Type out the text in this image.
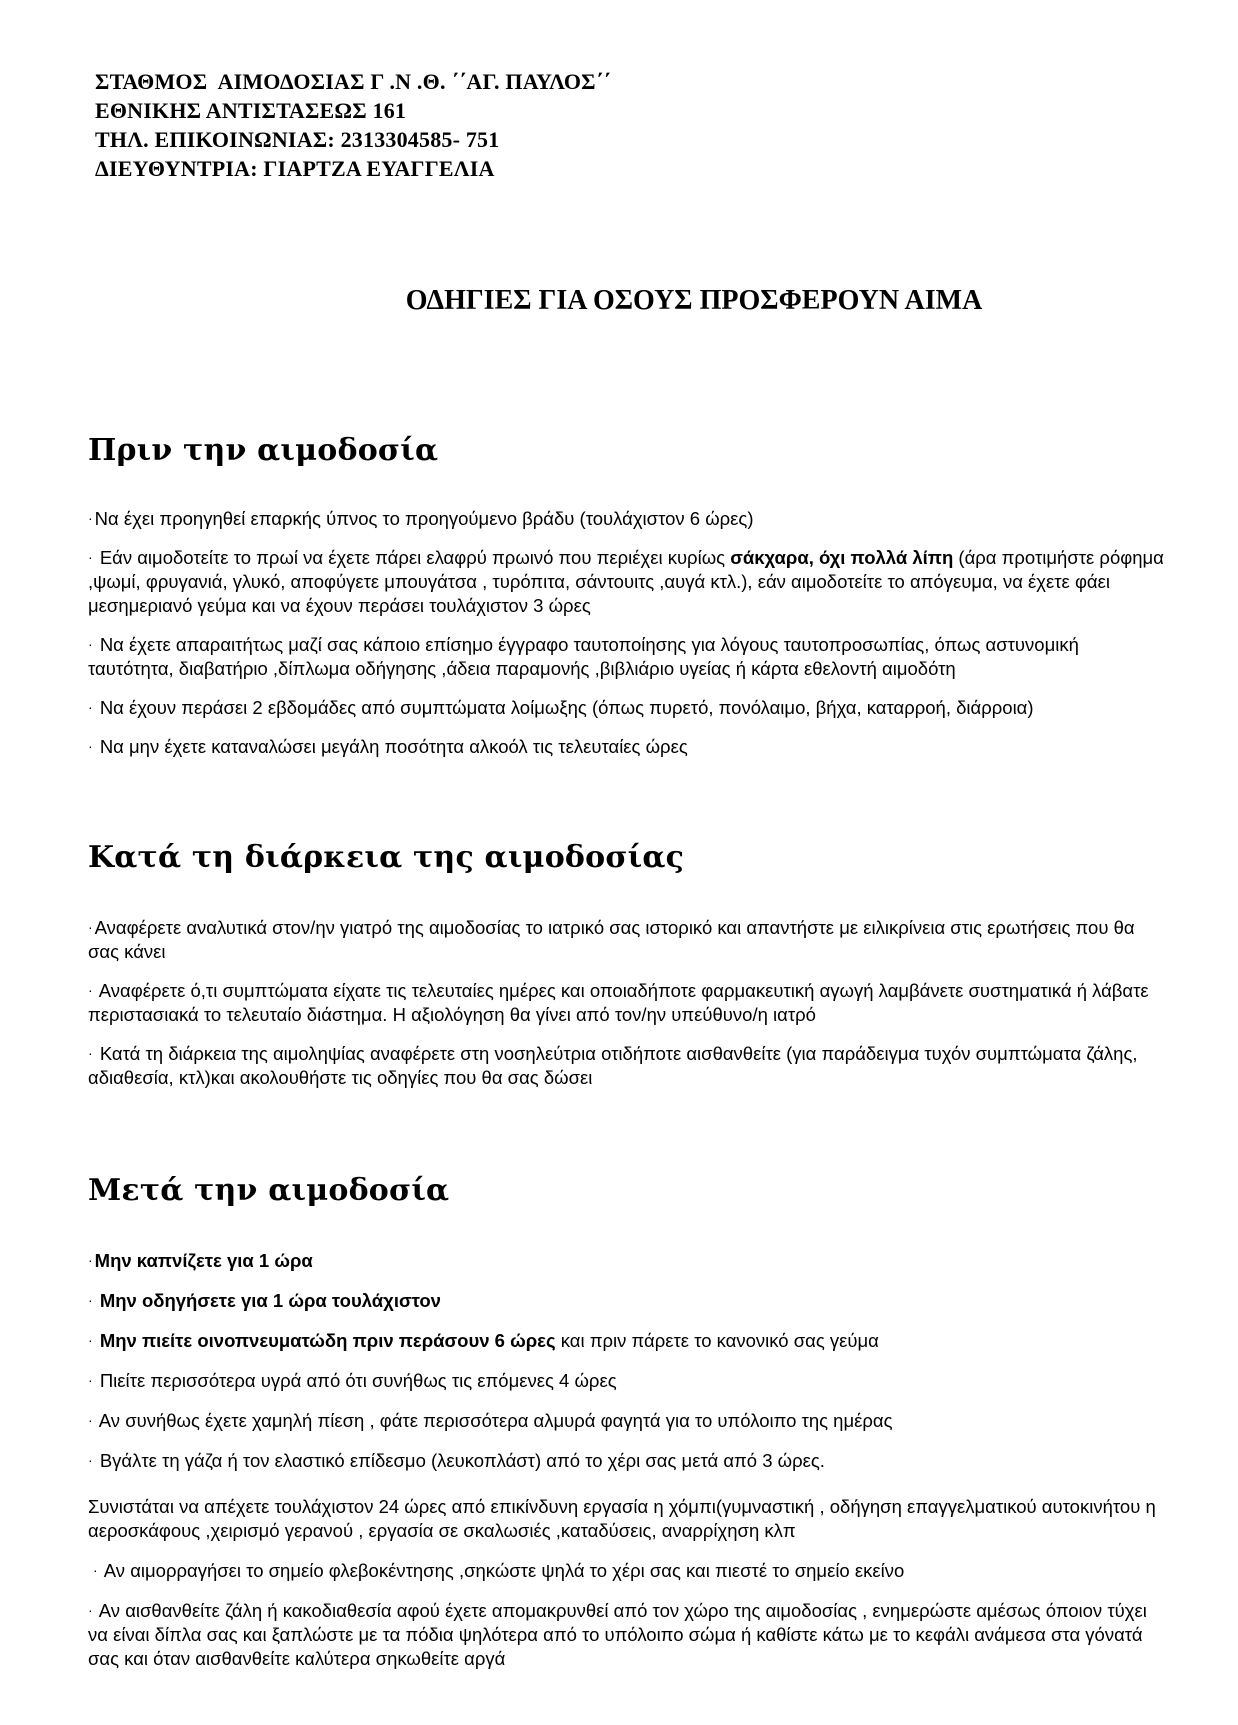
ΣΤΑΘΜΟΣ  ΑΙΜΟΔΟΣΙΑΣ Γ .Ν .Θ. ΄΄ΑΓ. ΠΑΥΛΟΣ΄΄
ΕΘΝΙΚΗΣ ΑΝΤΙΣΤΑΣΕΩΣ 161
ΤΗΛ. ΕΠΙΚΟΙΝΩΝΙΑΣ: 2313304585- 751
ΔΙΕΥΘΥΝΤΡΙΑ: ΓΙΑΡΤΖΑ ΕΥΑΓΓΕΛΙΑ
ΟΔΗΓΙΕΣ ΓΙΑ ΟΣΟΥΣ ΠΡΟΣΦΕΡΟΥΝ ΑΙΜΑ
Πριν την αιμοδοσία

· Να έχει προηγηθεί επαρκής ύπνος το προηγούμενο βράδυ (τουλάχιστον 6 ώρες)

· Εάν αιμοδοτείτε το πρωί να έχετε πάρει ελαφρύ πρωινό που περιέχει κυρίως σάκχαρα, όχι πολλά λίπη (άρα προτιμήστε ρόφημα ,ψωμί, φρυγανιά, γλυκό, αποφύγετε μπουγάτσα , τυρόπιτα, σάντουιτς ,αυγά κτλ.), εάν αιμοδοτείτε το απόγευμα, να έχετε φάει μεσημεριανό γεύμα και να έχουν περάσει τουλάχιστον 3 ώρες

· Να έχετε απαραιτήτως μαζί σας κάποιο επίσημο έγγραφο ταυτοποίησης για λόγους ταυτοπροσωπίας, όπως αστυνομική ταυτότητα, διαβατήριο ,δίπλωμα οδήγησης ,άδεια παραμονής ,βιβλιάριο υγείας ή κάρτα εθελοντή αιμοδότη

· Να έχουν περάσει 2 εβδομάδες από συμπτώματα λοίμωξης (όπως πυρετό, πονόλαιμο, βήχα, καταρροή, διάρροια)

· Να μην έχετε καταναλώσει μεγάλη ποσότητα αλκοόλ τις τελευταίες ώρες

Κατά τη διάρκεια της αιμοδοσίας

· Αναφέρετε αναλυτικά στον/ην γιατρό της αιμοδοσίας το ιατρικό σας ιστορικό και απαντήστε με ειλικρίνεια στις ερωτήσεις που θα σας κάνει

· Αναφέρετε ό,τι συμπτώματα είχατε τις τελευταίες ημέρες και οποιαδήποτε φαρμακευτική αγωγή λαμβάνετε συστηματικά ή λάβατε περιστασιακά το τελευταίο διάστημα. Η αξιολόγηση θα γίνει από τον/ην υπεύθυνο/η ιατρό

· Κατά τη διάρκεια της αιμοληψίας αναφέρετε στη νοσηλεύτρια οτιδήποτε αισθανθείτε (για παράδειγμα τυχόν συμπτώματα ζάλης, αδιαθεσία, κτλ)και ακολουθήστε τις οδηγίες που θα σας δώσει

Μετά την αιμοδοσία

· Μην καπνίζετε για 1 ώρα

· Μην οδηγήσετε για 1 ώρα τουλάχιστον

· Μην πιείτε οινοπνευματώδη πριν περάσουν 6 ώρες και πριν πάρετε το κανονικό σας γεύμα

· Πιείτε περισσότερα υγρά από ότι συνήθως τις επόμενες 4 ώρες

· Αν συνήθως έχετε χαμηλή πίεση , φάτε περισσότερα αλμυρά φαγητά για το υπόλοιπο της ημέρας

· Βγάλτε τη γάζα ή τον ελαστικό επίδεσμο (λευκοπλάστ) από το χέρι σας μετά από 3 ώρες.

Συνιστάται να απέχετε τουλάχιστον 24 ώρες από επικίνδυνη εργασία η χόμπι(γυμναστική , οδήγηση επαγγελματικού αυτοκινήτου η αεροσκάφους ,χειρισμό γερανού , εργασία σε σκαλωσιές ,καταδύσεις, αναρρίχηση κλπ

· Αν αιμορραγήσει το σημείο φλεβοκέντησης ,σηκώστε ψηλά το χέρι σας και πιεστέ το σημείο εκείνο

· Αν αισθανθείτε ζάλη ή κακοδιαθεσία αφού έχετε απομακρυνθεί από τον χώρο της αιμοδοσίας , ενημερώστε αμέσως όποιον τύχει να είναι δίπλα σας και ξαπλώστε με τα πόδια ψηλότερα από το υπόλοιπο σώμα ή καθίστε κάτω με το κεφάλι ανάμεσα στα γόνατά σας και όταν αισθανθείτε καλύτερα σηκωθείτε αργά
